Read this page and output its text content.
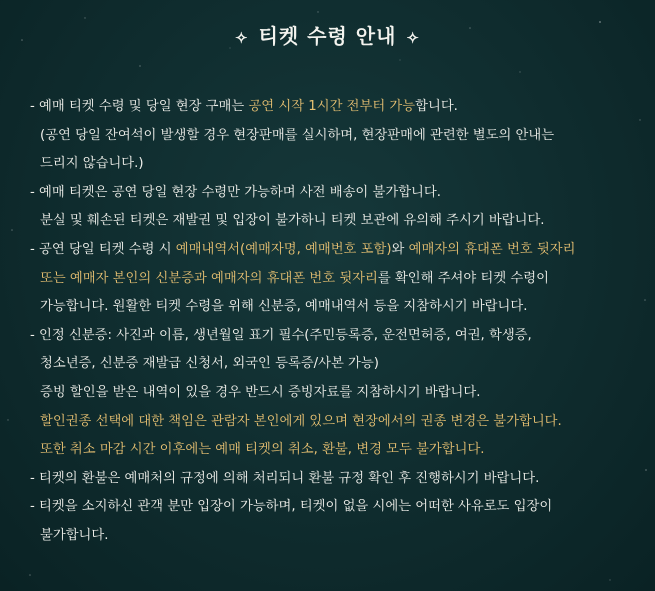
✧ 티켓 수령 안내 ✧
- 예매 티켓 수령 및 당일 현장 구매는 공연 시작 1시간 전부터 가능합니다.
(공연 당일 잔여석이 발생할 경우 현장판매를 실시하며, 현장판매에 관련한 별도의 안내는
드리지 않습니다.)
- 예매 티켓은 공연 당일 현장 수령만 가능하며 사전 배송이 불가합니다.
분실 및 훼손된 티켓은 재발권 및 입장이 불가하니 티켓 보관에 유의해 주시기 바랍니다.
- 공연 당일 티켓 수령 시 예매내역서(예매자명, 예매번호 포함)와 예매자의 휴대폰 번호 뒷자리
또는 예매자 본인의 신분증과 예매자의 휴대폰 번호 뒷자리를 확인해 주셔야 티켓 수령이
가능합니다. 원활한 티켓 수령을 위해 신분증, 예매내역서 등을 지참하시기 바랍니다.
- 인정 신분증: 사진과 이름, 생년월일 표기 필수(주민등록증, 운전면허증, 여권, 학생증,
청소년증, 신분증 재발급 신청서, 외국인 등록증/사본 가능)
증빙 할인을 받은 내역이 있을 경우 반드시 증빙자료를 지참하시기 바랍니다.
할인권종 선택에 대한 책임은 관람자 본인에게 있으며 현장에서의 권종 변경은 불가합니다.
또한 취소 마감 시간 이후에는 예매 티켓의 취소, 환불, 변경 모두 불가합니다.
- 티켓의 환불은 예매처의 규정에 의해 처리되니 환불 규정 확인 후 진행하시기 바랍니다.
- 티켓을 소지하신 관객 분만 입장이 가능하며, 티켓이 없을 시에는 어떠한 사유로도 입장이
불가합니다.
